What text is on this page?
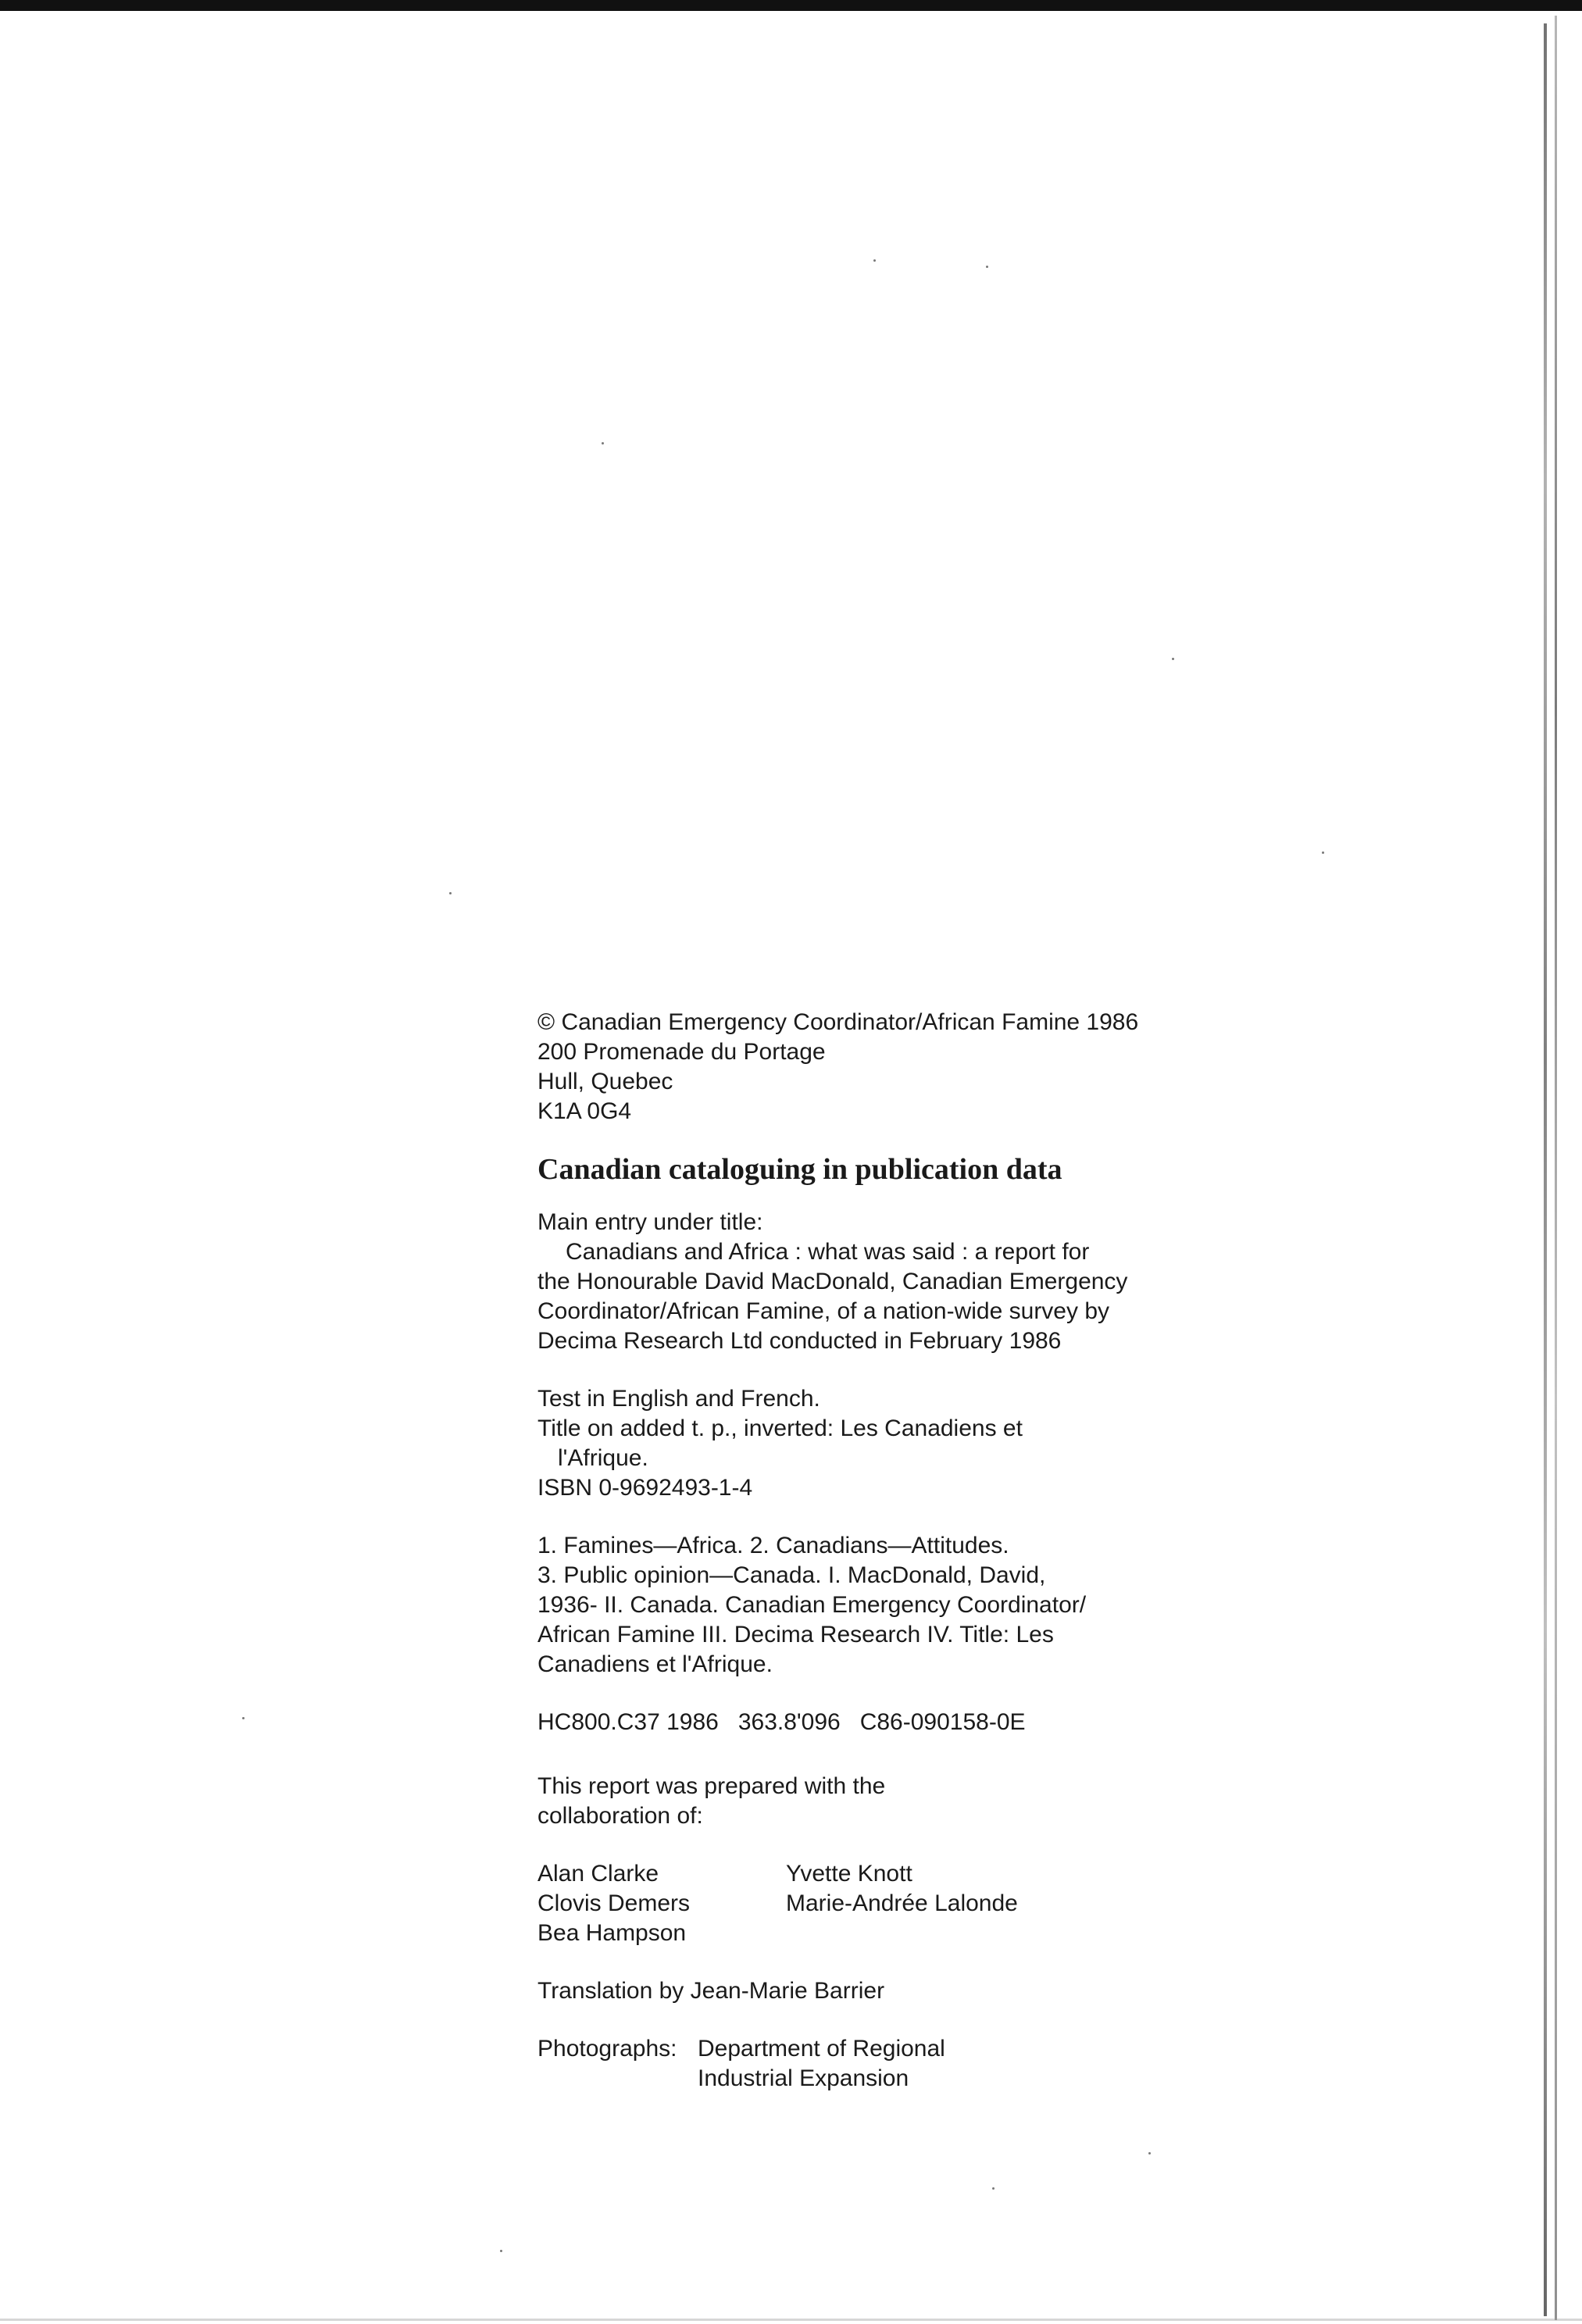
© Canadian Emergency Coordinator/African Famine 1986
200 Promenade du Portage
Hull, Quebec
K1A 0G4
Canadian cataloguing in publication data
Main entry under title:
Canadians and Africa : what was said : a report for
the Honourable David MacDonald, Canadian Emergency
Coordinator/African Famine, of a nation-wide survey by
Decima Research Ltd conducted in February 1986
Test in English and French.
Title on added t. p., inverted: Les Canadiens et
l'Afrique.
ISBN 0-9692493-1-4
1. Famines—Africa. 2. Canadians—Attitudes.
3. Public opinion—Canada. I. MacDonald, David,
1936- II. Canada. Canadian Emergency Coordinator/
African Famine III. Decima Research IV. Title: Les
Canadiens et l'Afrique.
HC800.C37 1986   363.8'096   C86-090158-0E
This report was prepared with the
collaboration of:
Alan Clarke
Clovis Demers
Bea Hampson
Yvette Knott
Marie-Andrée Lalonde
Translation by Jean-Marie Barrier
Photographs: Department of Regional
Industrial Expansion
